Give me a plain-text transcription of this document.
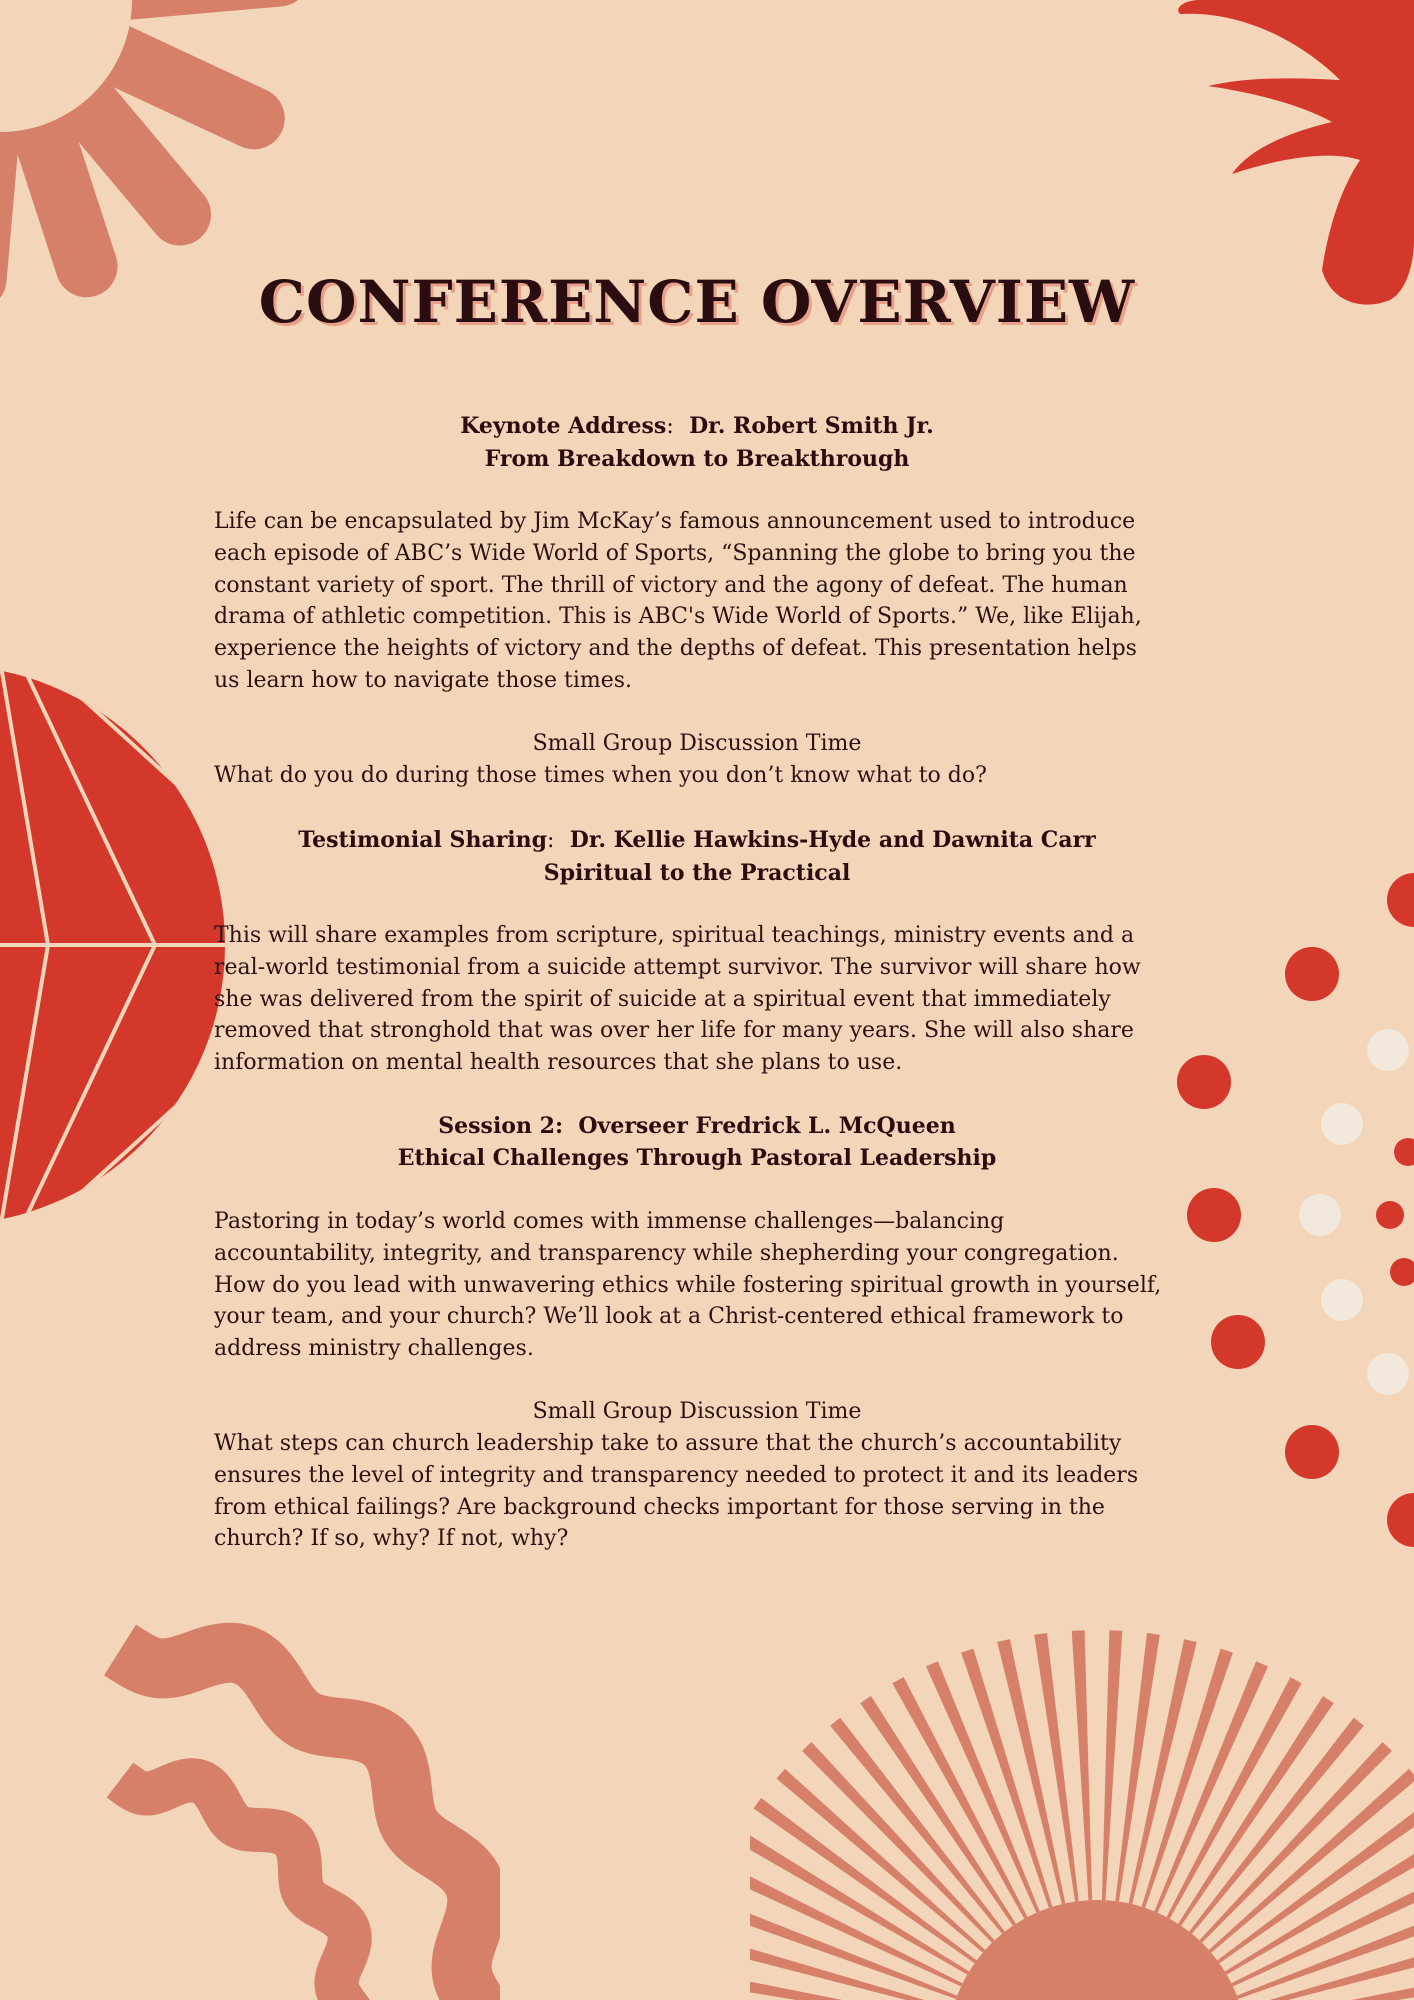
CONFERENCE OVERVIEW
Keynote Address: Dr. Robert Smith Jr.
From Breakdown to Breakthrough
Life can be encapsulated by Jim McKay’s famous announcement used to introduce
each episode of ABC’s Wide World of Sports, “Spanning the globe to bring you the
constant variety of sport. The thrill of victory and the agony of defeat. The human
drama of athletic competition. This is ABC's Wide World of Sports.” We, like Elijah,
experience the heights of victory and the depths of defeat. This presentation helps
us learn how to navigate those times.
Small Group Discussion Time
What do you do during those times when you don’t know what to do?
Testimonial Sharing: Dr. Kellie Hawkins-Hyde and Dawnita Carr
Spiritual to the Practical
This will share examples from scripture, spiritual teachings, ministry events and a
real-world testimonial from a suicide attempt survivor. The survivor will share how
she was delivered from the spirit of suicide at a spiritual event that immediately
removed that stronghold that was over her life for many years. She will also share
information on mental health resources that she plans to use.
Session 2:  Overseer Fredrick L. McQueen
Ethical Challenges Through Pastoral Leadership
Pastoring in today’s world comes with immense challenges—balancing
accountability, integrity, and transparency while shepherding your congregation.
How do you lead with unwavering ethics while fostering spiritual growth in yourself,
your team, and your church? We’ll look at a Christ-centered ethical framework to
address ministry challenges.
Small Group Discussion Time
What steps can church leadership take to assure that the church’s accountability
ensures the level of integrity and transparency needed to protect it and its leaders
from ethical failings? Are background checks important for those serving in the
church? If so, why? If not, why?
